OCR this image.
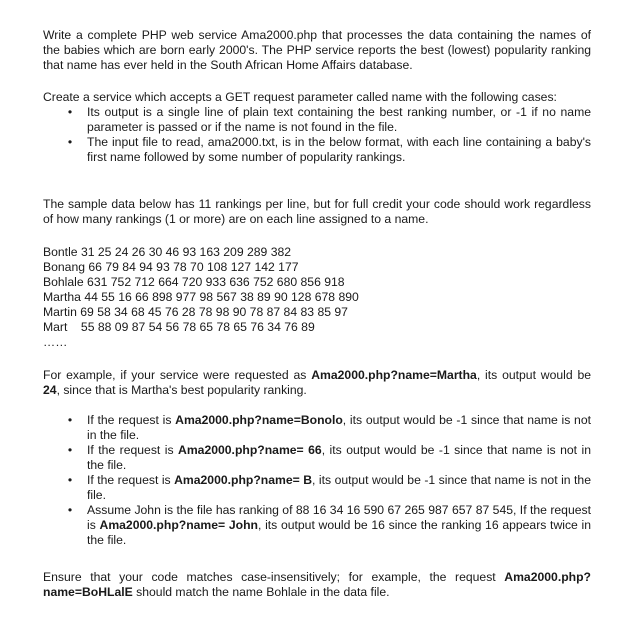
Write a complete PHP web service Ama2000.php that processes the data containing the names of the babies which are born early 2000's. The PHP service reports the best (lowest) popularity ranking that name has ever held in the South African Home Affairs database.

Create a service which accepts a GET request parameter called name with the following cases:

• Its output is a single line of plain text containing the best ranking number, or -1 if no name parameter is passed or if the name is not found in the file.
• The input file to read, ama2000.txt, is in the below format, with each line containing a baby's first name followed by some number of popularity rankings.

The sample data below has 11 rankings per line, but for full credit your code should work regardless of how many rankings (1 or more) are on each line assigned to a name.

Bontle 31 25 24 26 30 46 93 163 209 289 382
Bonang 66 79 84 94 93 78 70 108 127 142 177
Bohlale 631 752 712 664 720 933 636 752 680 856 918
Martha 44 55 16 66 898 977 98 567 38 89 90 128 678 890
Martin 69 58 34 68 45 76 28 78 98 90 78 87 84 83 85 97
Mart    55 88 09 87 54 56 78 65 78 65 76 34 76 89
……

For example, if your service were requested as Ama2000.php?name=Martha, its output would be 24, since that is Martha's best popularity ranking.

• If the request is Ama2000.php?name=Bonolo, its output would be -1 since that name is not in the file.
• If the request is Ama2000.php?name= 66, its output would be -1 since that name is not in the file.
• If the request is Ama2000.php?name= B, its output would be -1 since that name is not in the file.
• Assume John is the file has ranking of 88 16 34 16 590 67 265 987 657 87 545, If the request is Ama2000.php?name= John, its output would be 16 since the ranking 16 appears twice in the file.

Ensure that your code matches case-insensitively; for example, the request Ama2000.php?name=BoHLalE should match the name Bohlale in the data file.
